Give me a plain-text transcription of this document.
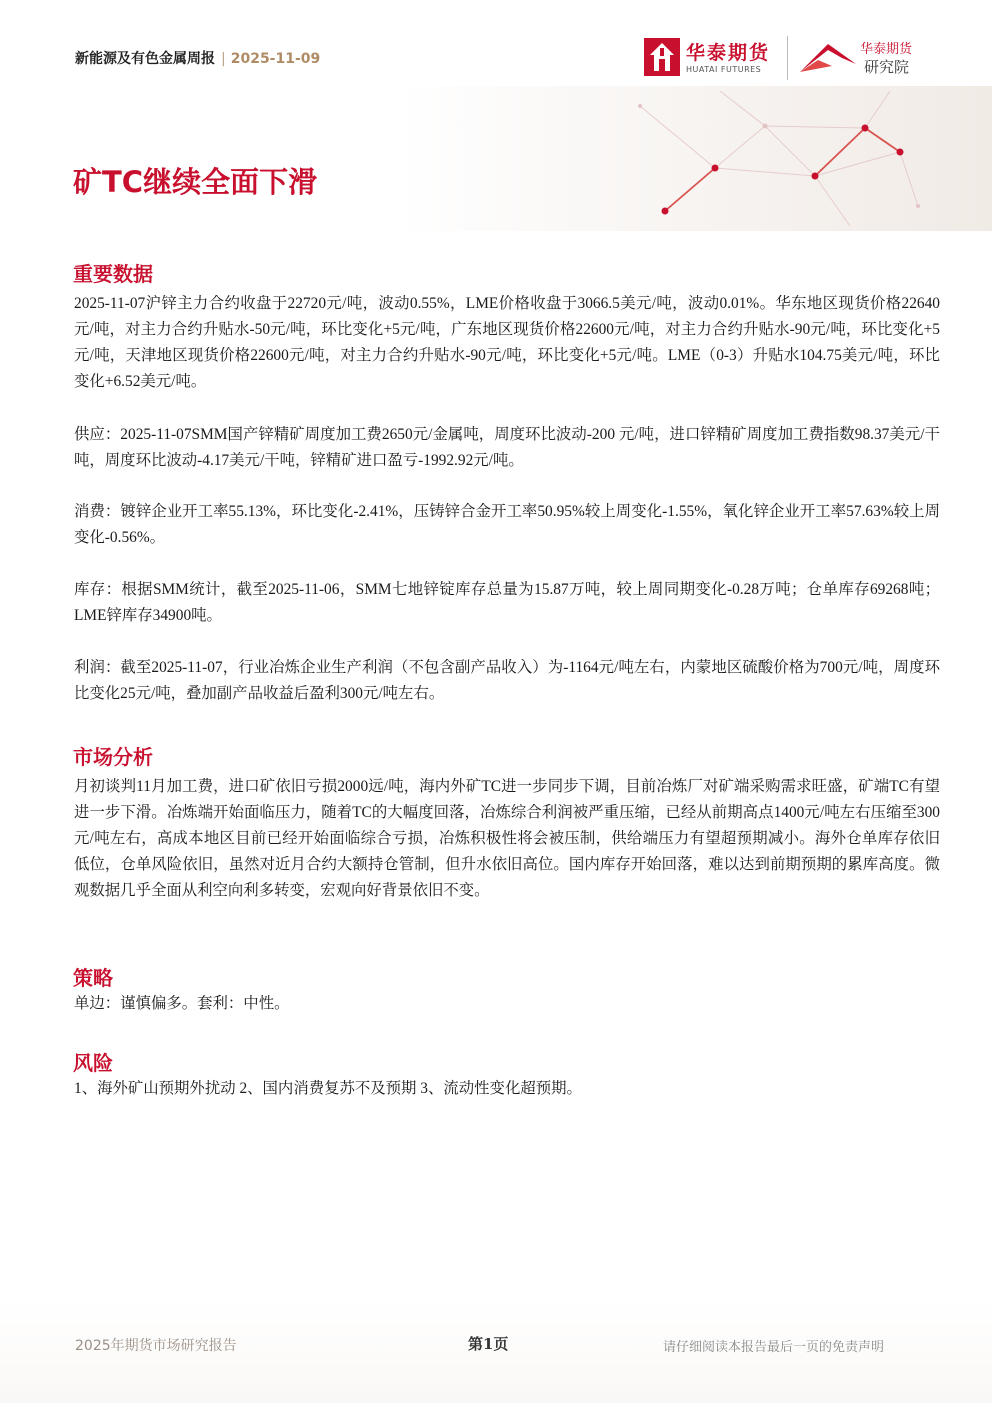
新能源及有色金属周报 | 2025-11-09	华泰期货
HUATAI FUTURES
华泰期货
研究院
矿TC继续全面下滑
重要数据
2025-11-07沪锌主力合约收盘于22720元/吨，波动0.55%，LME价格收盘于3066.5美元/吨，波动0.01%。华东地区现货价格22640元/吨，对主力合约升贴水-50元/吨，环比变化+5元/吨，广东地区现货价格22600元/吨，对主力合约升贴水-90元/吨，环比变化+5元/吨，天津地区现货价格22600元/吨，对主力合约升贴水-90元/吨，环比变化+5元/吨。LME（0-3）升贴水104.75美元/吨，环比变化+6.52美元/吨。
供应：2025-11-07SMM国产锌精矿周度加工费2650元/金属吨，周度环比波动-200 元/吨，进口锌精矿周度加工费指数98.37美元/干吨，周度环比波动-4.17美元/干吨，锌精矿进口盈亏-1992.92元/吨。
消费：镀锌企业开工率55.13%，环比变化-2.41%，压铸锌合金开工率50.95%较上周变化-1.55%，氧化锌企业开工率57.63%较上周变化-0.56%。
库存：根据SMM统计，截至2025-11-06，SMM七地锌锭库存总量为15.87万吨，较上周同期变化-0.28万吨；仓单库存69268吨； LME锌库存34900吨。
利润：截至2025-11-07，行业冶炼企业生产利润（不包含副产品收入）为-1164元/吨左右，内蒙地区硫酸价格为700元/吨，周度环比变化25元/吨，叠加副产品收益后盈利300元/吨左右。
市场分析
月初谈判11月加工费，进口矿依旧亏损2000远/吨，海内外矿TC进一步同步下调，目前冶炼厂对矿端采购需求旺盛，矿端TC有望进一步下滑。冶炼端开始面临压力，随着TC的大幅度回落，冶炼综合利润被严重压缩，已经从前期高点1400元/吨左右压缩至300元/吨左右，高成本地区目前已经开始面临综合亏损，冶炼积极性将会被压制，供给端压力有望超预期减小。海外仓单库存依旧低位，仓单风险依旧，虽然对近月合约大额持仓管制，但升水依旧高位。国内库存开始回落，难以达到前期预期的累库高度。微观数据几乎全面从利空向利多转变，宏观向好背景依旧不变。
策略
单边：谨慎偏多。套利：中性。
风险
1、海外矿山预期外扰动 2、国内消费复苏不及预期 3、流动性变化超预期。
2025年期货市场研究报告	第1页	请仔细阅读本报告最后一页的免责声明
